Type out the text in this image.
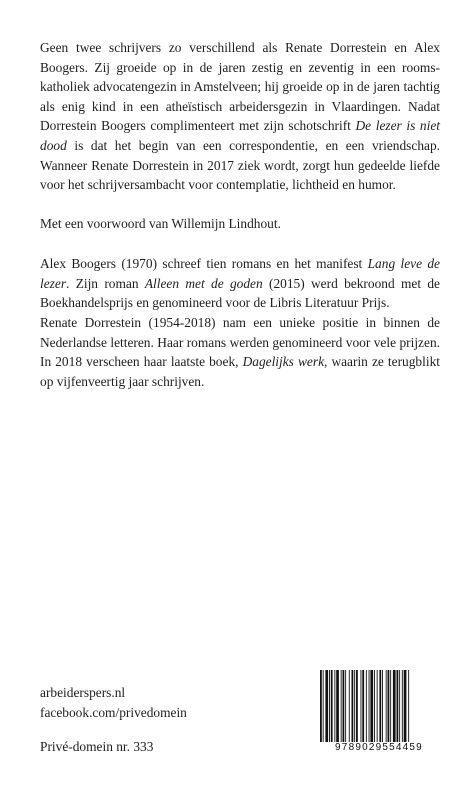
Geen twee schrijvers zo verschillend als Renate Dorrestein en Alex Boogers. Zij groeide op in de jaren zestig en zeventig in een rooms-katholiek advocatengezin in Amstelveen; hij groeide op in de jaren tachtig als enig kind in een atheïstisch arbeidersgezin in Vlaardingen. Nadat Dorrestein Boogers complimenteert met zijn schotschrift De lezer is niet dood is dat het begin van een correspondentie, en een vriendschap. Wanneer Renate Dorrestein in 2017 ziek wordt, zorgt hun gedeelde liefde voor het schrijversambacht voor contemplatie, lichtheid en humor.

Met een voorwoord van Willemijn Lindhout.

Alex Boogers (1970) schreef tien romans en het manifest Lang leve de lezer. Zijn roman Alleen met de goden (2015) werd bekroond met de Boekhandelsprijs en genomineerd voor de Libris Literatuur Prijs.

Renate Dorrestein (1954-2018) nam een unieke positie in binnen de Nederlandse letteren. Haar romans werden genomineerd voor vele prijzen. In 2018 verscheen haar laatste boek, Dagelijks werk, waarin ze terugblikt op vijfenveertig jaar schrijven.

arbeiderspers.nl
facebook.com/privedomein
Privé-domein nr. 333	9789029554459
